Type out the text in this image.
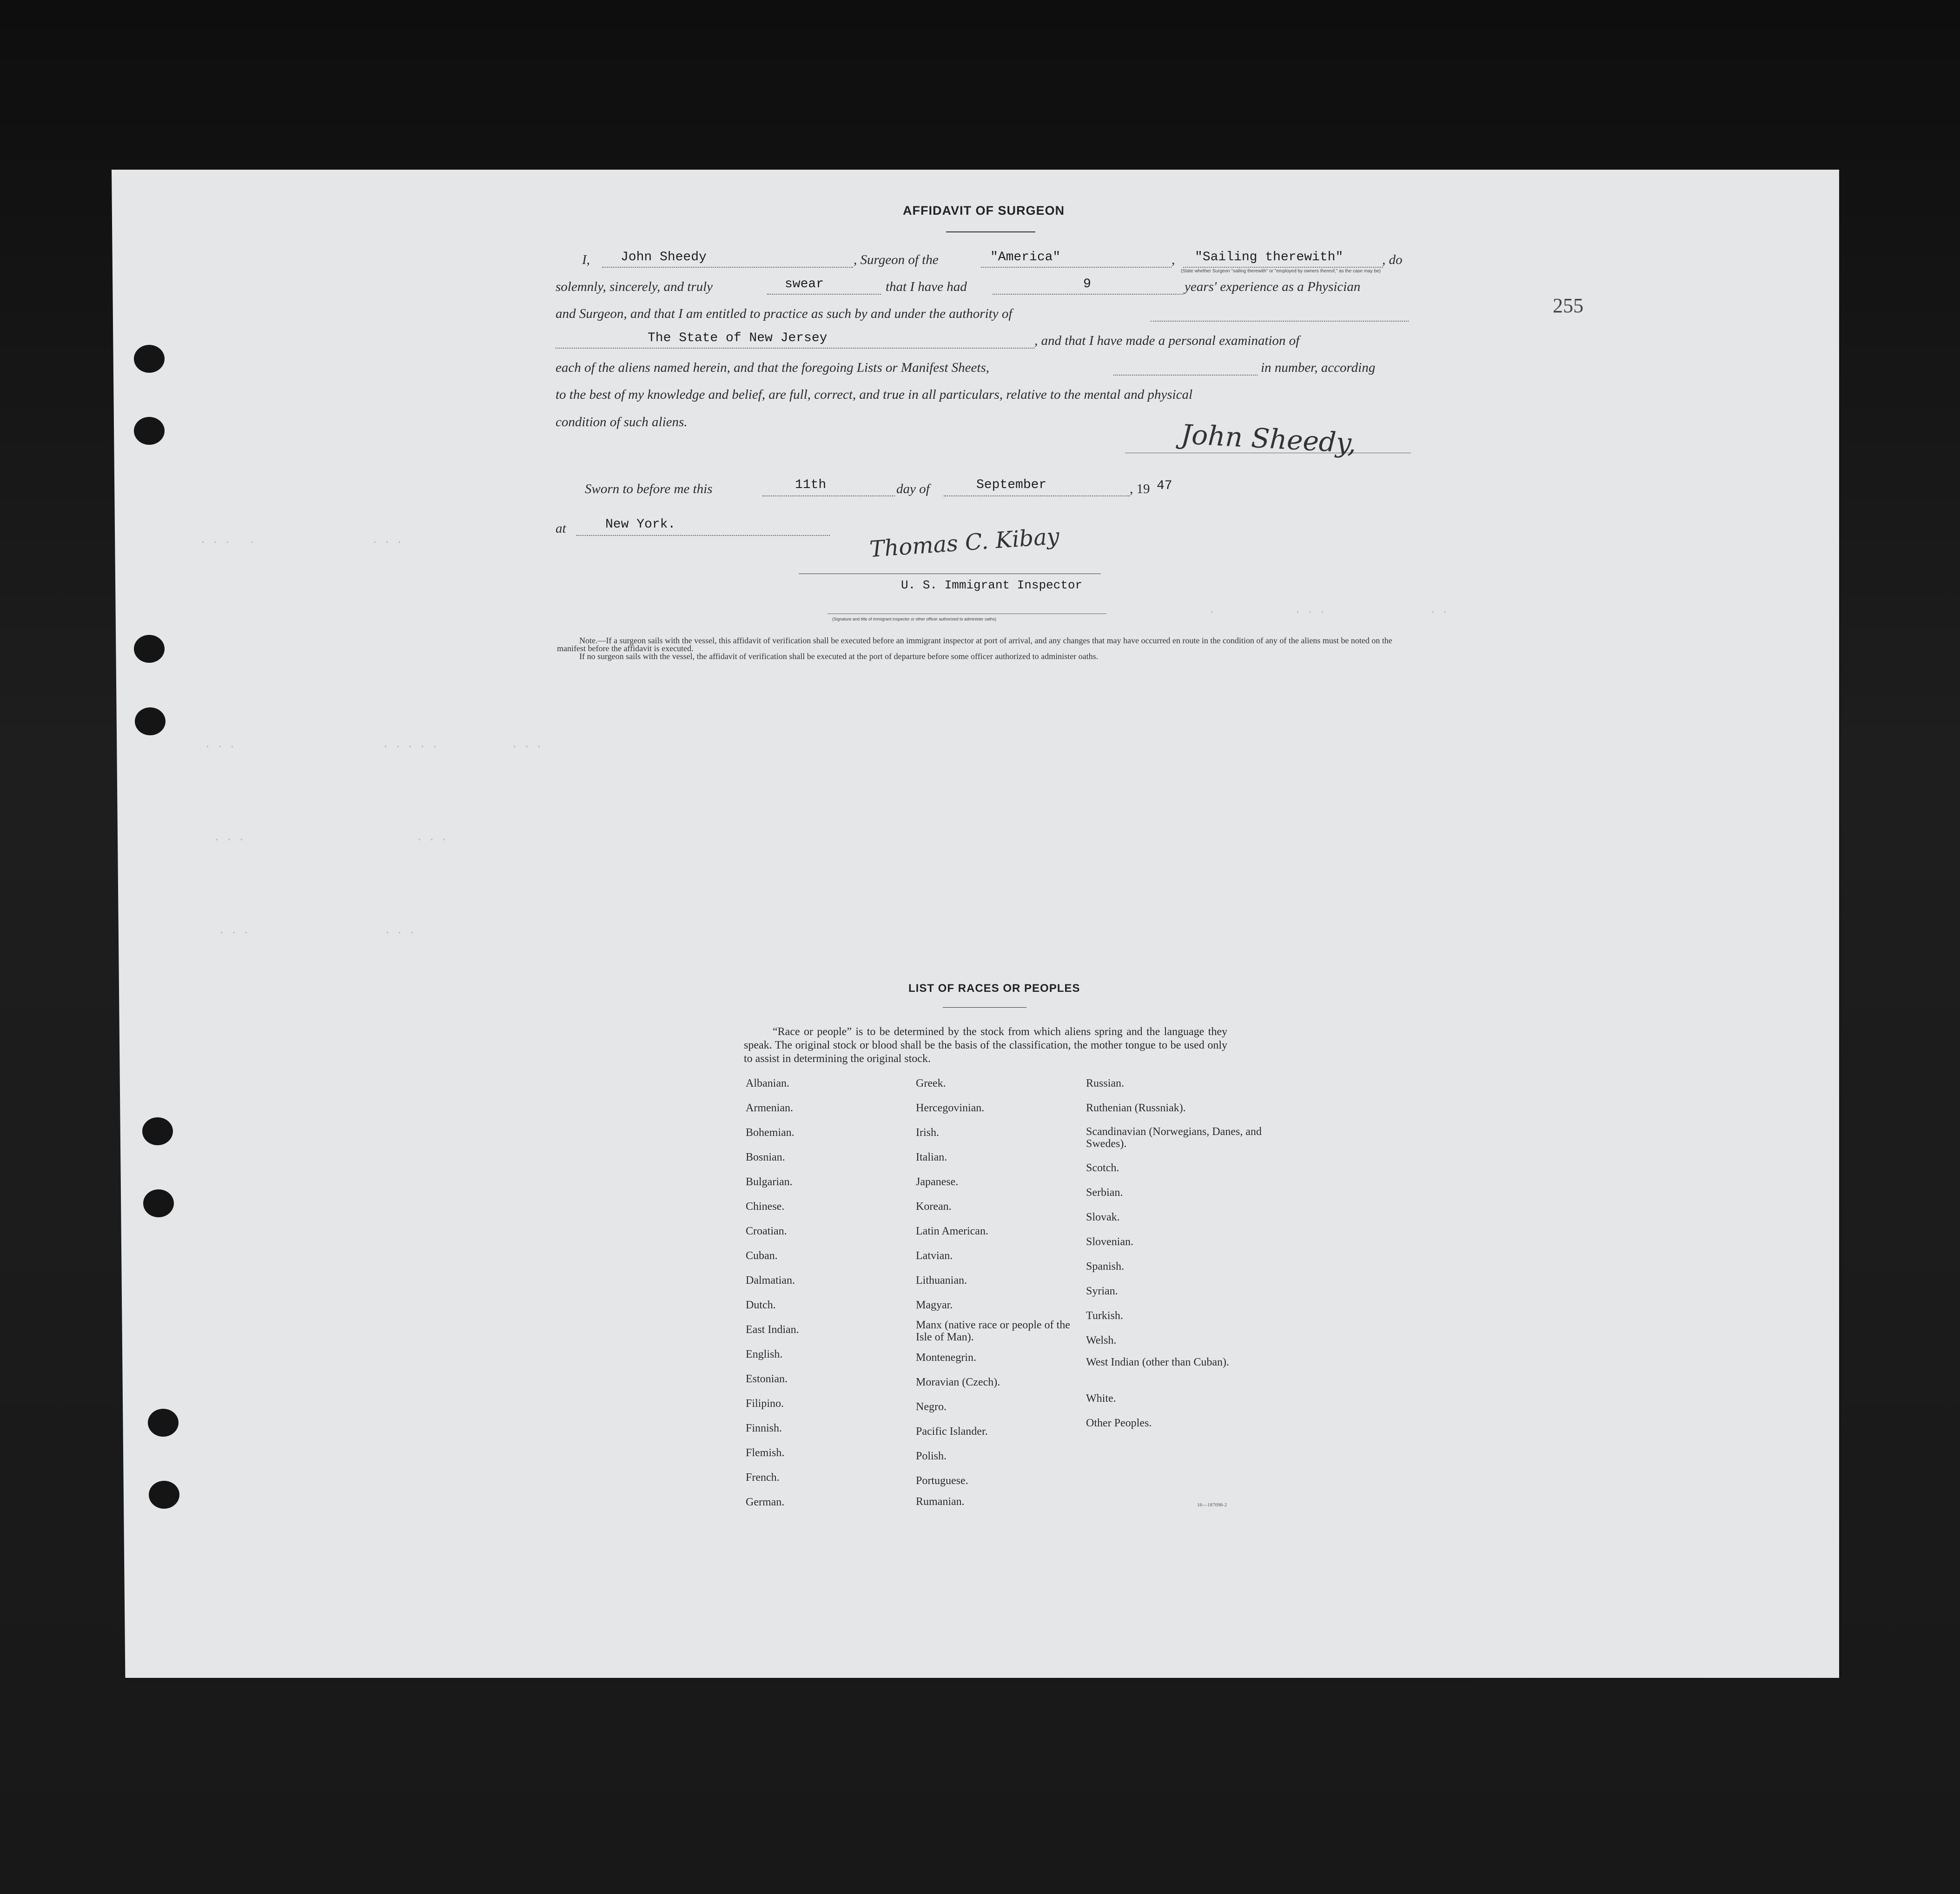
. . .   .                   . . .
.             . . .                 . .
. . .                        . . . . .            . . .
. . .                            . . .
. . .                      . . .
255
AFFIDAVIT OF SURGEON
I, John Sheedy	, Surgeon of the	"America"	, "Sailing therewith"	, do
(State whether Surgeon "sailing therewith" or "employed by owners thereof," as the case may be)
solemnly, sincerely, and truly	swear	that I have had	9	years' experience as a Physician
and Surgeon, and that I am entitled to practice as such by and under the authority of
The State of New Jersey	, and that I have made a personal examination of
each of the aliens named herein, and that the foregoing Lists or Manifest Sheets,	in number, according
to the best of my knowledge and belief, are full, correct, and true in all particulars, relative to the mental and physical
condition of such aliens.	John Sheedy,
Sworn to before me this	11th	day of	September	, 19 47
at	New York.	Thomas C. Kibay
U. S. Immigrant Inspector
(Signature and title of immigrant inspector or other officer authorized to administer oaths)
Note.—If a surgeon sails with the vessel, this affidavit of verification shall be executed before an immigrant inspector at port of arrival, and any changes that may have occurred en route in the condition of any of the aliens must be noted on the manifest before the affidavit is executed.
If no surgeon sails with the vessel, the affidavit of verification shall be executed at the port of departure before some officer authorized to administer oaths.
LIST OF RACES OR PEOPLES
“Race or people” is to be determined by the stock from which aliens spring and the language they speak. The original stock or blood shall be the basis of the classification, the mother tongue to be used only to assist in determining the original stock.
Albanian.
Armenian.
Bohemian.
Bosnian.
Bulgarian.
Chinese.
Croatian.
Cuban.
Dalmatian.
Dutch.
East Indian.
English.
Estonian.
Filipino.
Finnish.
Flemish.
French.
German.
Greek.
Hercegovinian.
Irish.
Italian.
Japanese.
Korean.
Latin American.
Latvian.
Lithuanian.
Magyar.
Manx (native race or people of the Isle of Man).
Montenegrin.
Moravian (Czech).
Negro.
Pacific Islander.
Polish.
Portuguese.
Rumanian.
Russian.
Ruthenian (Russniak).
Scandinavian (Norwegians, Danes, and Swedes).
Scotch.
Serbian.
Slovak.
Slovenian.
Spanish.
Syrian.
Turkish.
Welsh.
West Indian (other than Cuban).
White.
Other Peoples.
16—187098-2
